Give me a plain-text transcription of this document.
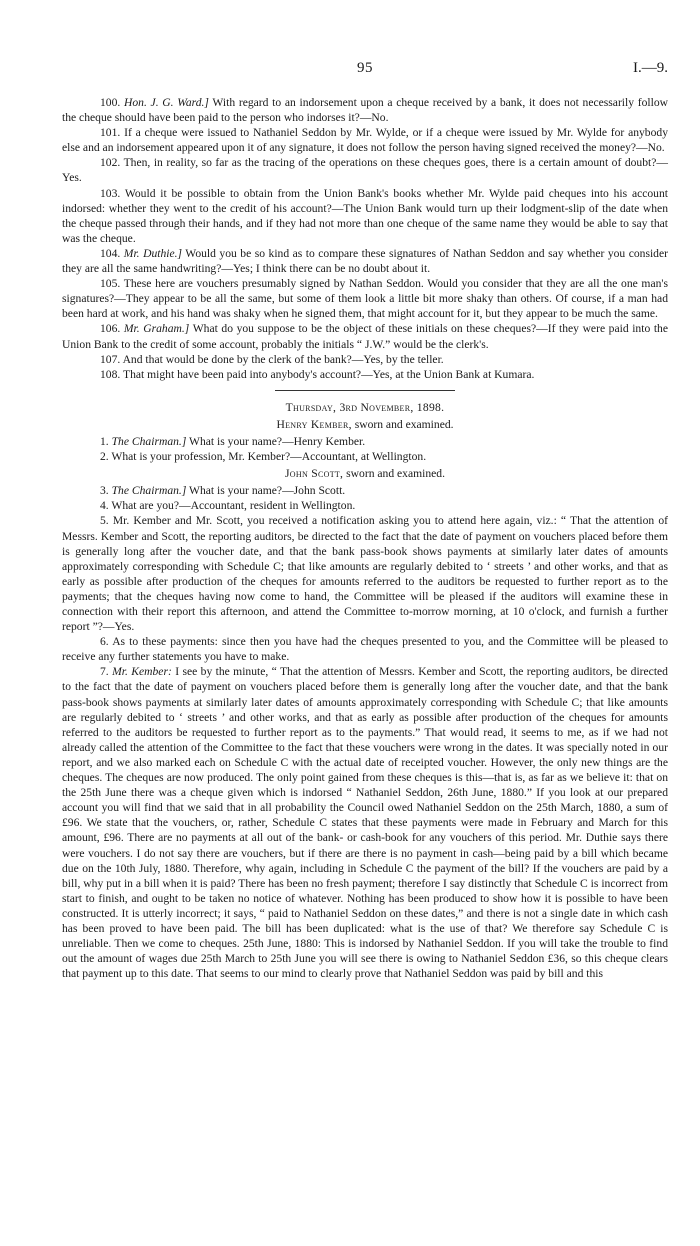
95	I.—9.

100. Hon. J. G. Ward.] With regard to an indorsement upon a cheque received by a bank, it does not necessarily follow the cheque should have been paid to the person who indorses it?—No.

101. If a cheque were issued to Nathaniel Seddon by Mr. Wylde, or if a cheque were issued by Mr. Wylde for anybody else and an indorsement appeared upon it of any signature, it does not follow the person having signed received the money?—No.

102. Then, in reality, so far as the tracing of the operations on these cheques goes, there is a certain amount of doubt?—Yes.

103. Would it be possible to obtain from the Union Bank's books whether Mr. Wylde paid cheques into his account indorsed: whether they went to the credit of his account?—The Union Bank would turn up their lodgment-slip of the date when the cheque passed through their hands, and if they had not more than one cheque of the same name they would be able to say that was the cheque.

104. Mr. Duthie.] Would you be so kind as to compare these signatures of Nathan Seddon and say whether you consider they are all the same handwriting?—Yes; I think there can be no doubt about it.

105. These here are vouchers presumably signed by Nathan Seddon. Would you consider that they are all the one man's signatures?—They appear to be all the same, but some of them look a little bit more shaky than others. Of course, if a man had been hard at work, and his hand was shaky when he signed them, that might account for it, but they appear to be much the same.

106. Mr. Graham.] What do you suppose to be the object of these initials on these cheques?—If they were paid into the Union Bank to the credit of some account, probably the initials “ J.W.” would be the clerk's.

107. And that would be done by the clerk of the bank?—Yes, by the teller.

108. That might have been paid into anybody's account?—Yes, at the Union Bank at Kumara.

Thursday, 3rd November, 1898.
Henry Kember, sworn and examined.

1. The Chairman.] What is your name?—Henry Kember.

2. What is your profession, Mr. Kember?—Accountant, at Wellington.

John Scott, sworn and examined.

3. The Chairman.] What is your name?—John Scott.

4. What are you?—Accountant, resident in Wellington.

5. Mr. Kember and Mr. Scott, you received a notification asking you to attend here again, viz.: “ That the attention of Messrs. Kember and Scott, the reporting auditors, be directed to the fact that the date of payment on vouchers placed before them is generally long after the voucher date, and that the bank pass-book shows payments at similarly later dates of amounts approximately corresponding with Schedule C; that like amounts are regularly debited to ‘ streets ’ and other works, and that as early as possible after production of the cheques for amounts referred to the auditors be requested to further report as to the payments; that the cheques having now come to hand, the Committee will be pleased if the auditors will examine these in connection with their report this afternoon, and attend the Committee to-morrow morning, at 10 o'clock, and furnish a further report ”?—Yes.

6. As to these payments: since then you have had the cheques presented to you, and the Committee will be pleased to receive any further statements you have to make.

7. Mr. Kember: I see by the minute, “ That the attention of Messrs. Kember and Scott, the reporting auditors, be directed to the fact that the date of payment on vouchers placed before them is generally long after the voucher date, and that the bank pass-book shows payments at similarly later dates of amounts approximately corresponding with Schedule C; that like amounts are regularly debited to ‘ streets ’ and other works, and that as early as possible after production of the cheques for amounts referred to the auditors be requested to further report as to the payments.” That would read, it seems to me, as if we had not already called the attention of the Committee to the fact that these vouchers were wrong in the dates. It was specially noted in our report, and we also marked each on Schedule C with the actual date of receipted voucher. However, the only new things are the cheques. The cheques are now produced. The only point gained from these cheques is this—that is, as far as we believe it: that on the 25th June there was a cheque given which is indorsed “ Nathaniel Seddon, 26th June, 1880.” If you look at our prepared account you will find that we said that in all probability the Council owed Nathaniel Seddon on the 25th March, 1880, a sum of £96. We state that the vouchers, or, rather, Schedule C states that these payments were made in February and March for this amount, £96. There are no payments at all out of the bank- or cash-book for any vouchers of this period. Mr. Duthie says there were vouchers. I do not say there are vouchers, but if there are there is no payment in cash—being paid by a bill which became due on the 10th July, 1880. Therefore, why again, including in Schedule C the payment of the bill? If the vouchers are paid by a bill, why put in a bill when it is paid? There has been no fresh payment; therefore I say distinctly that Schedule C is incorrect from start to finish, and ought to be taken no notice of whatever. Nothing has been produced to show how it is possible to have been constructed. It is utterly incorrect; it says, “ paid to Nathaniel Seddon on these dates,” and there is not a single date in which cash has been proved to have been paid. The bill has been duplicated: what is the use of that? We therefore say Schedule C is unreliable. Then we come to cheques. 25th June, 1880: This is indorsed by Nathaniel Seddon. If you will take the trouble to find out the amount of wages due 25th March to 25th June you will see there is owing to Nathaniel Seddon £36, so this cheque clears that payment up to this date. That seems to our mind to clearly prove that Nathaniel Seddon was paid by bill and this
